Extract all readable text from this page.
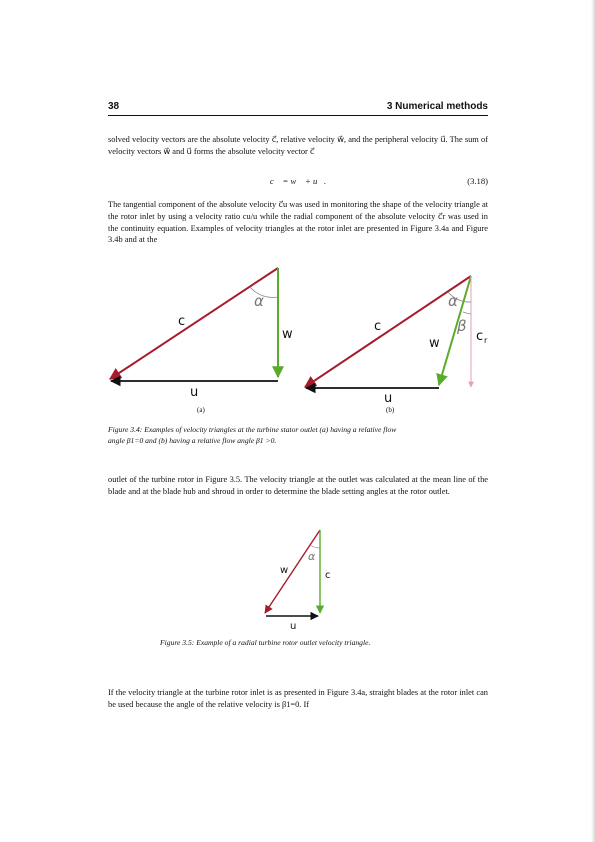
38	3 Numerical methods

solved velocity vectors are the absolute velocity c⃗, relative velocity w⃗, and the peripheral velocity u⃗. The sum of velocity vectors w⃗ and u⃗ forms the absolute velocity vector c⃗

c⃗ = w⃗ + u⃗.	(3.18)

The tangential component of the absolute velocity c⃗u was used in monitoring the shape of the velocity triangle at the rotor inlet by using a velocity ratio cu/u while the radial component of the absolute velocity c⃗r was used in the continuity equation. Examples of velocity triangles at the rotor inlet are presented in Figure 3.4a and Figure 3.4b and at the

α
c
w
u
(a)
α
β
c
w	c r
u
(b)
α
w	c
u
Figure 3.4: Examples of velocity triangles at the turbine stator outlet (a) having a relative flow
angle β1=0 and (b) having a relative flow angle β1 >0.

outlet of the turbine rotor in Figure 3.5. The velocity triangle at the outlet was calculated at the mean line of the blade and at the blade hub and shroud in order to determine the blade setting angles at the rotor outlet.

Figure 3.5: Example of a radial turbine rotor outlet velocity triangle.

If the velocity triangle at the turbine rotor inlet is as presented in Figure 3.4a, straight blades at the rotor inlet can be used because the angle of the relative velocity is β1=0. If
